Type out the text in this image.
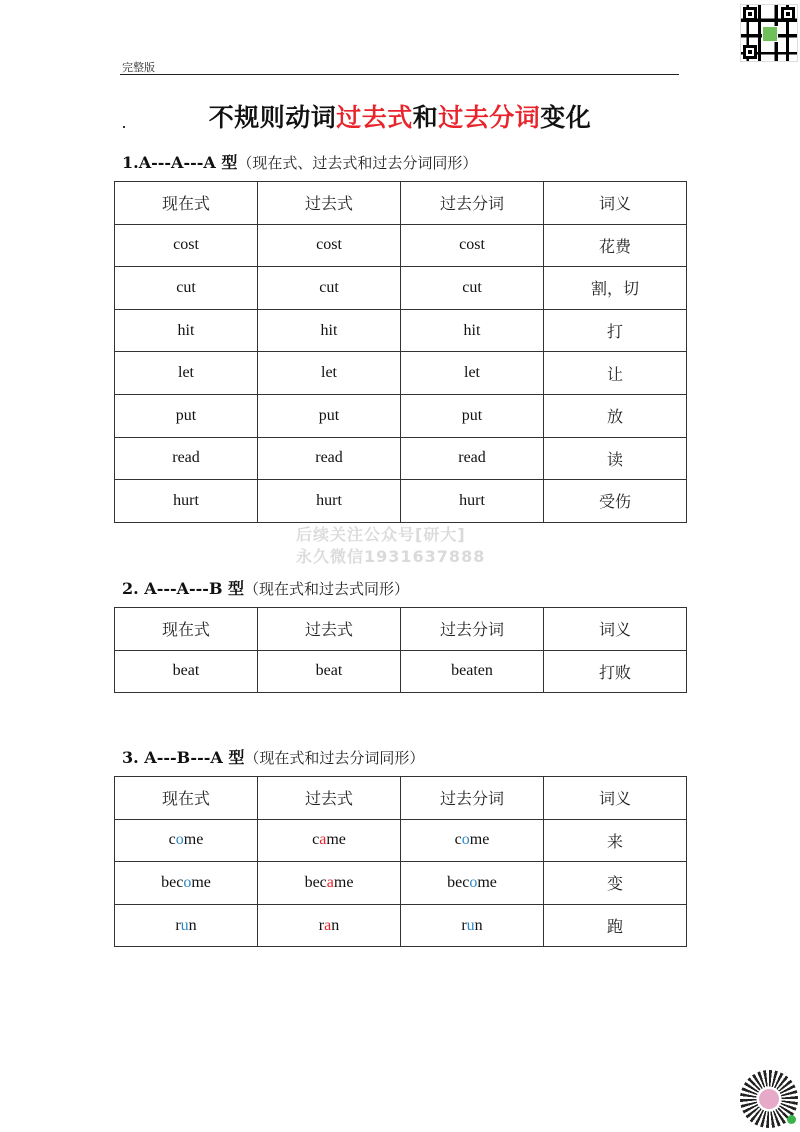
完整版
不规则动词过去式和过去分词变化
1.A---A---A 型（现在式、过去式和过去分词同形）
现在式	过去式	过去分词	词义
cost	cost	cost	花费
cut	cut	cut	割，切
hit	hit	hit	打
let	let	let	让
put	put	put	放
read	read	read	读
hurt	hurt	hurt	受伤
后续关注公众号[研大]
永久微信1931637888
2. A---A---B 型（现在式和过去式同形）
现在式	过去式	过去分词	词义
beat	beat	beaten	打败
3. A---B---A 型（现在式和过去分词同形）
现在式	过去式	过去分词	词义
come	came	come	来
become	became	become	变
run	ran	run	跑
